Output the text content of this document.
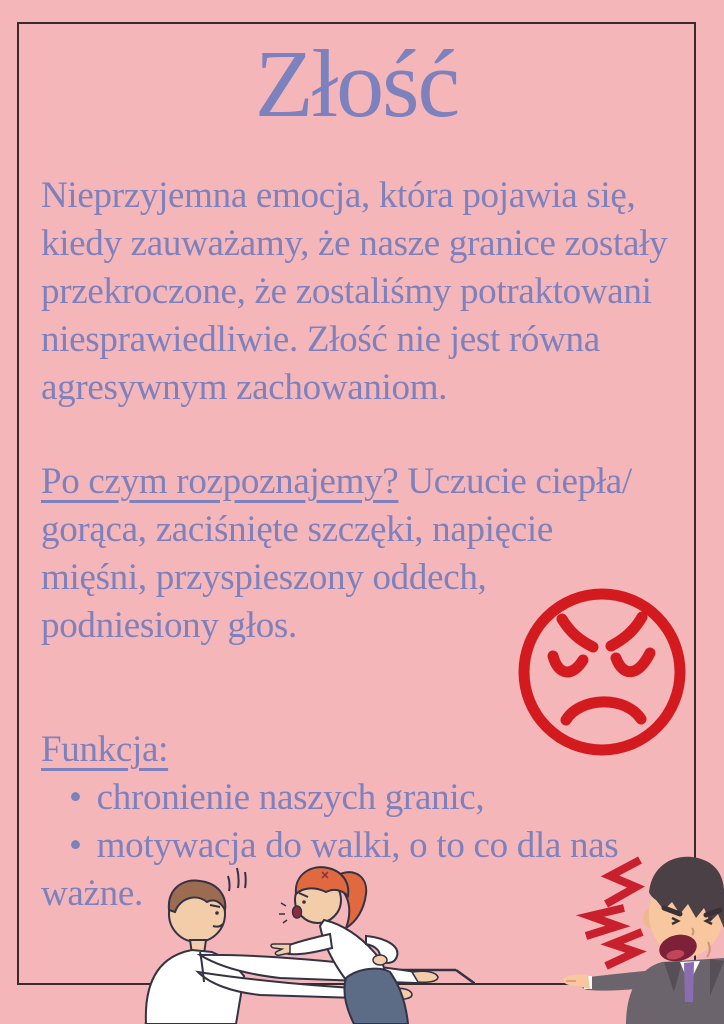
Złość
Nieprzyjemna emocja, która pojawia się,
kiedy zauważamy, że nasze granice zostały
przekroczone, że zostaliśmy potraktowani
niesprawiedliwie. Złość nie jest równa
agresywnym zachowaniom.
Po czym rozpoznajemy? Uczucie ciepła/
gorąca, zaciśnięte szczęki, napięcie
mięśni, przyspieszony oddech,
podniesiony głos.
Funkcja:
• chronienie naszych granic,
• motywacja do walki, o to co dla nas
ważne.
